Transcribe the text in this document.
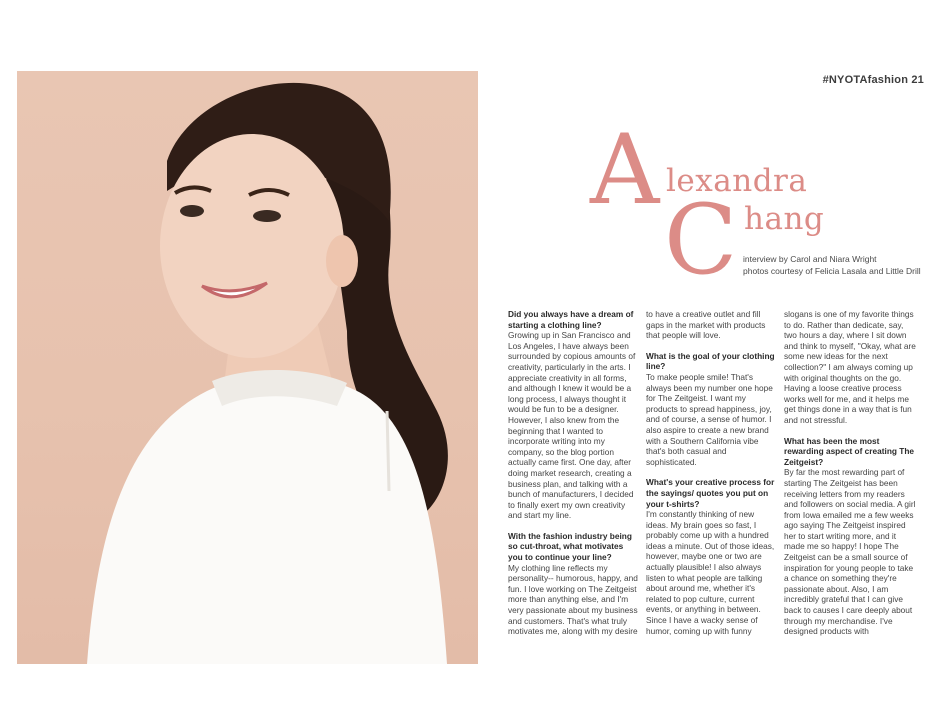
#NYOTAfashion 21
A lexandra
C hang
interview by Carol and Niara Wright
photos courtesy of Felicia Lasala and Little Drill

Did you always have a dream of starting a clothing line?

Growing up in San Francisco and Los Angeles, I have always been surrounded by copious amounts of creativity, particularly in the arts. I appreciate creativity in all forms, and although I knew it would be a long process, I always thought it would be fun to be a designer. However, I also knew from the beginning that I wanted to incorporate writing into my company, so the blog portion actually came first. One day, after doing market research, creating a business plan, and talking with a bunch of manufacturers, I decided to finally exert my own creativity and start my line.

With the fashion industry being so cut-throat, what motivates you to continue your line?

My clothing line reflects my personality-- humorous, happy, and fun. I love working on The Zeitgeist more than anything else, and I'm very passionate about my business and customers. That's what truly motivates me, along with my desire

to have a creative outlet and fill gaps in the market with products that people will love.

What is the goal of your clothing line?

To make people smile! That's always been my number one hope for The Zeitgeist. I want my products to spread happiness, joy, and of course, a sense of humor. I also aspire to create a new brand with a Southern California vibe that's both casual and sophisticated.

What's your creative process for the sayings/ quotes you put on your t-shirts?

I'm constantly thinking of new ideas. My brain goes so fast, I probably come up with a hundred ideas a minute. Out of those ideas, however, maybe one or two are actually plausible! I also always listen to what people are talking about around me, whether it's related to pop culture, current events, or anything in between. Since I have a wacky sense of humor, coming up with funny

slogans is one of my favorite things to do. Rather than dedicate, say, two hours a day, where I sit down and think to myself, "Okay, what are some new ideas for the next collection?" I am always coming up with original thoughts on the go. Having a loose creative process works well for me, and it helps me get things done in a way that is fun and not stressful.

What has been the most rewarding aspect of creating The Zeitgeist?

By far the most rewarding part of starting The Zeitgeist has been receiving letters from my readers and followers on social media. A girl from Iowa emailed me a few weeks ago saying The Zeitgeist inspired her to start writing more, and it made me so happy! I hope The Zeitgeist can be a small source of inspiration for young people to take a chance on something they're passionate about. Also, I am incredibly grateful that I can give back to causes I care deeply about through my merchandise. I've designed products with
